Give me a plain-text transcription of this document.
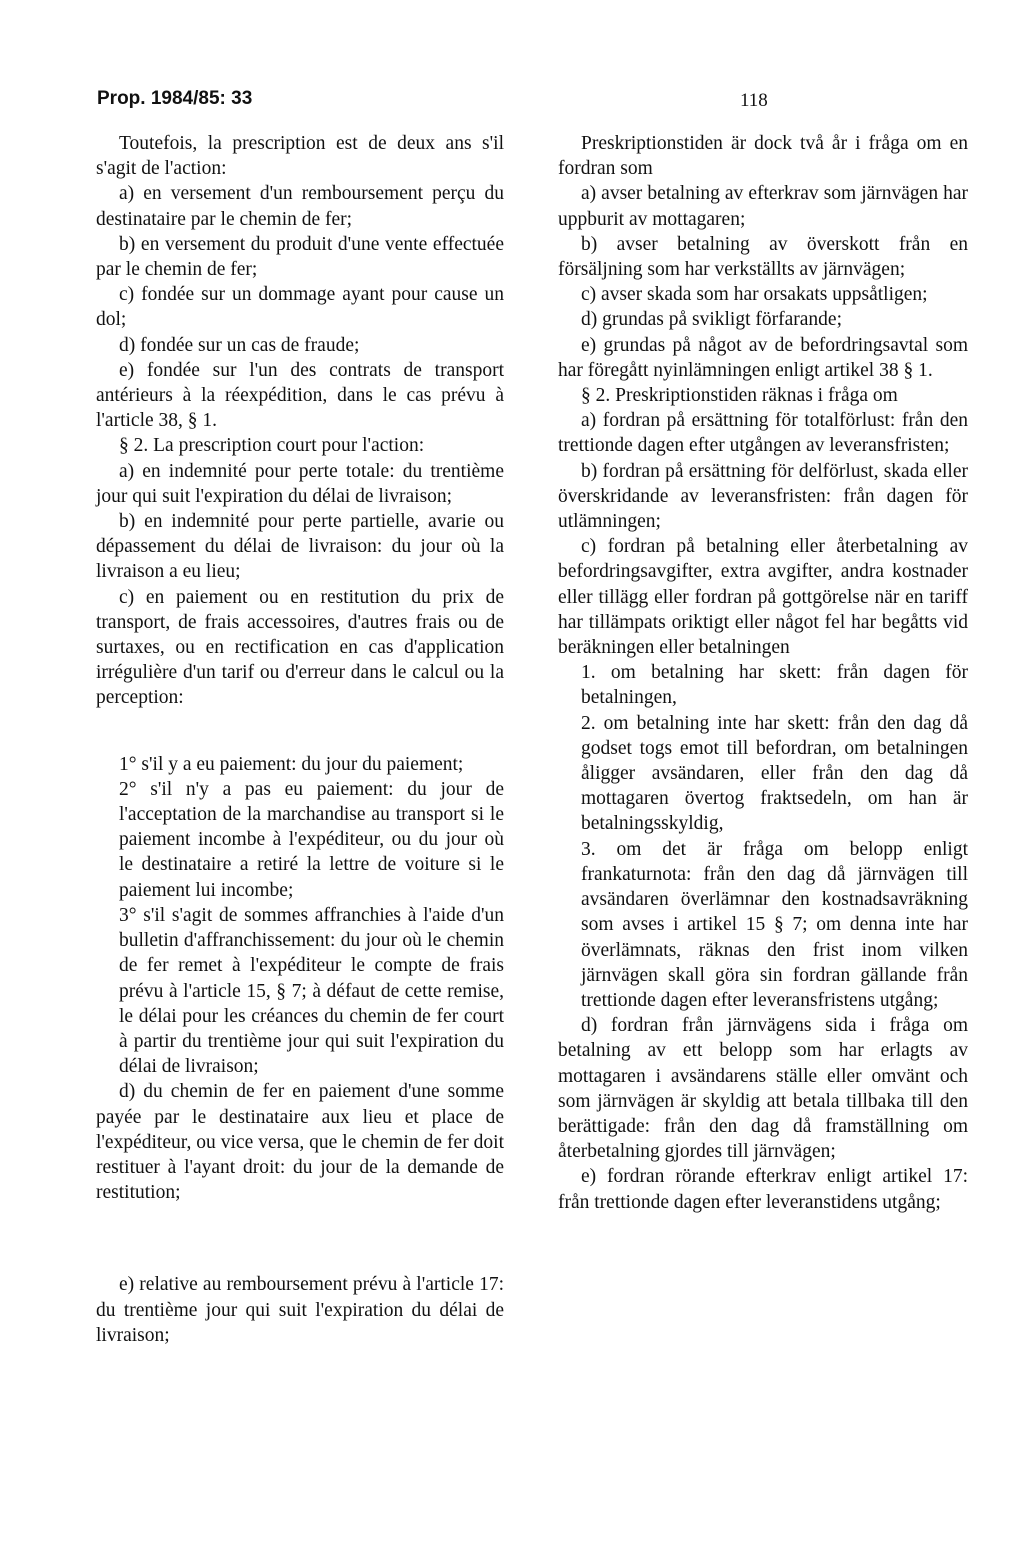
Prop. 1984/85: 33	118

Toutefois, la prescription est de deux ans s'il s'agit de l'action:

a) en versement d'un remboursement perçu du destinataire par le chemin de fer;

b) en versement du produit d'une vente effectuée par le chemin de fer;

c) fondée sur un dommage ayant pour cause un dol;

d) fondée sur un cas de fraude;

e) fondée sur l'un des contrats de transport antérieurs à la réexpédition, dans le cas prévu à l'article 38, § 1.

§ 2. La prescription court pour l'action:

a) en indemnité pour perte totale: du trentième jour qui suit l'expiration du délai de livraison;

b) en indemnité pour perte partielle, avarie ou dépassement du délai de livraison: du jour où la livraison a eu lieu;

c) en paiement ou en restitution du prix de transport, de frais accessoires, d'autres frais ou de surtaxes, ou en rectification en cas d'application irrégulière d'un tarif ou d'erreur dans le calcul ou la perception:

1° s'il y a eu paiement: du jour du paiement;

2° s'il n'y a pas eu paiement: du jour de l'acceptation de la marchandise au transport si le paiement incombe à l'expéditeur, ou du jour où le destinataire a retiré la lettre de voiture si le paiement lui incombe;

3° s'il s'agit de sommes affranchies à l'aide d'un bulletin d'affranchissement: du jour où le chemin de fer remet à l'expéditeur le compte de frais prévu à l'article 15, § 7; à défaut de cette remise, le délai pour les créances du chemin de fer court à partir du trentième jour qui suit l'expiration du délai de livraison;

d) du chemin de fer en paiement d'une somme payée par le destinataire aux lieu et place de l'expéditeur, ou vice versa, que le chemin de fer doit restituer à l'ayant droit: du jour de la demande de restitution;

e) relative au remboursement prévu à l'article 17: du trentième jour qui suit l'expiration du délai de livraison;

Preskriptionstiden är dock två år i fråga om en fordran som

a) avser betalning av efterkrav som järnvägen har uppburit av mottagaren;

b) avser betalning av överskott från en försäljning som har verkställts av järnvägen;

c) avser skada som har orsakats uppsåtligen;

d) grundas på svikligt förfarande;

e) grundas på något av de befordringsavtal som har föregått nyinlämningen enligt artikel 38 § 1.

§ 2. Preskriptionstiden räknas i fråga om

a) fordran på ersättning för totalförlust: från den trettionde dagen efter utgången av leveransfristen;

b) fordran på ersättning för delförlust, skada eller överskridande av leveransfristen: från dagen för utlämningen;

c) fordran på betalning eller återbetalning av befordringsavgifter, extra avgifter, andra kostnader eller tillägg eller fordran på gottgörelse när en tariff har tillämpats oriktigt eller något fel har begåtts vid beräkningen eller betalningen

1. om betalning har skett: från dagen för betalningen,

2. om betalning inte har skett: från den dag då godset togs emot till befordran, om betalningen åligger avsändaren, eller från den dag då mottagaren övertog fraktsedeln, om han är betalningsskyldig,

3. om det är fråga om belopp enligt frankaturnota: från den dag då järnvägen till avsändaren överlämnar den kostnadsavräkning som avses i artikel 15 § 7; om denna inte har överlämnats, räknas den frist inom vilken järnvägen skall göra sin fordran gällande från trettionde dagen efter leveransfristens utgång;

d) fordran från järnvägens sida i fråga om betalning av ett belopp som har erlagts av mottagaren i avsändarens ställe eller omvänt och som järnvägen är skyldig att betala tillbaka till den berättigade: från den dag då framställning om återbetalning gjordes till järnvägen;

e) fordran rörande efterkrav enligt artikel 17: från trettionde dagen efter leveranstidens utgång;
